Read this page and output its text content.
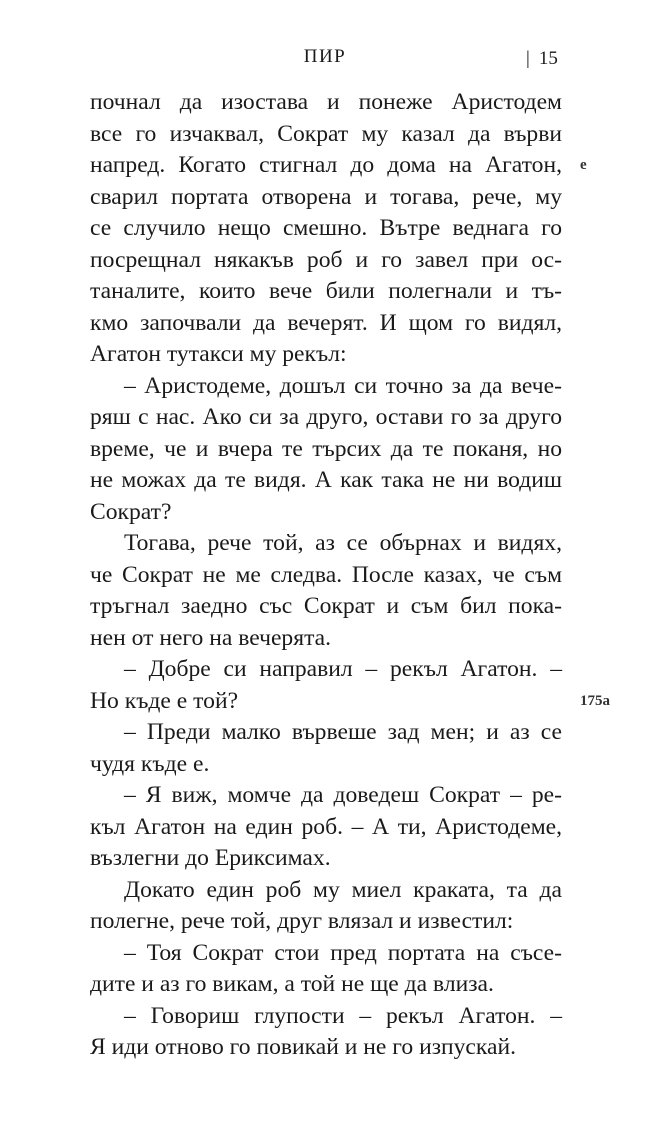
ПИР	| 15
e
175a
почнал да изостава и понеже Аристодем
все го изчаквал, Сократ му казал да върви
напред. Когато стигнал до дома на Агатон,
сварил портата отворена и тогава, рече, му
се случило нещо смешно. Вътре веднага го
посрещнал някакъв роб и го завел при ос-
таналите, които вече били полегнали и тъ-
кмо започвали да вечерят. И щом го видял,
Агатон тутакси му рекъл:
– Аристодеме, дошъл си точно за да вече-
ряш с нас. Ако си за друго, остави го за друго
време, че и вчера те търсих да те поканя, но
не можах да те видя. А как така не ни водиш
Сократ?
Тогава, рече той, аз се обърнах и видях,
че Сократ не ме следва. После казах, че съм
тръгнал заедно със Сократ и съм бил пока-
нен от него на вечерята.
– Добре си направил – рекъл Агатон. –
Но къде е той?
– Преди малко вървеше зад мен; и аз се
чудя къде е.
– Я виж, момче да доведеш Сократ – ре-
къл Агатон на един роб. – А ти, Аристодеме,
възлегни до Ериксимах.
Докато един роб му миел краката, та да
полегне, рече той, друг влязал и известил:
– Тоя Сократ стои пред портата на съсе-
дите и аз го викам, а той не ще да влиза.
– Говориш глупости – рекъл Агатон. –
Я иди отново го повикай и не го изпускай.
